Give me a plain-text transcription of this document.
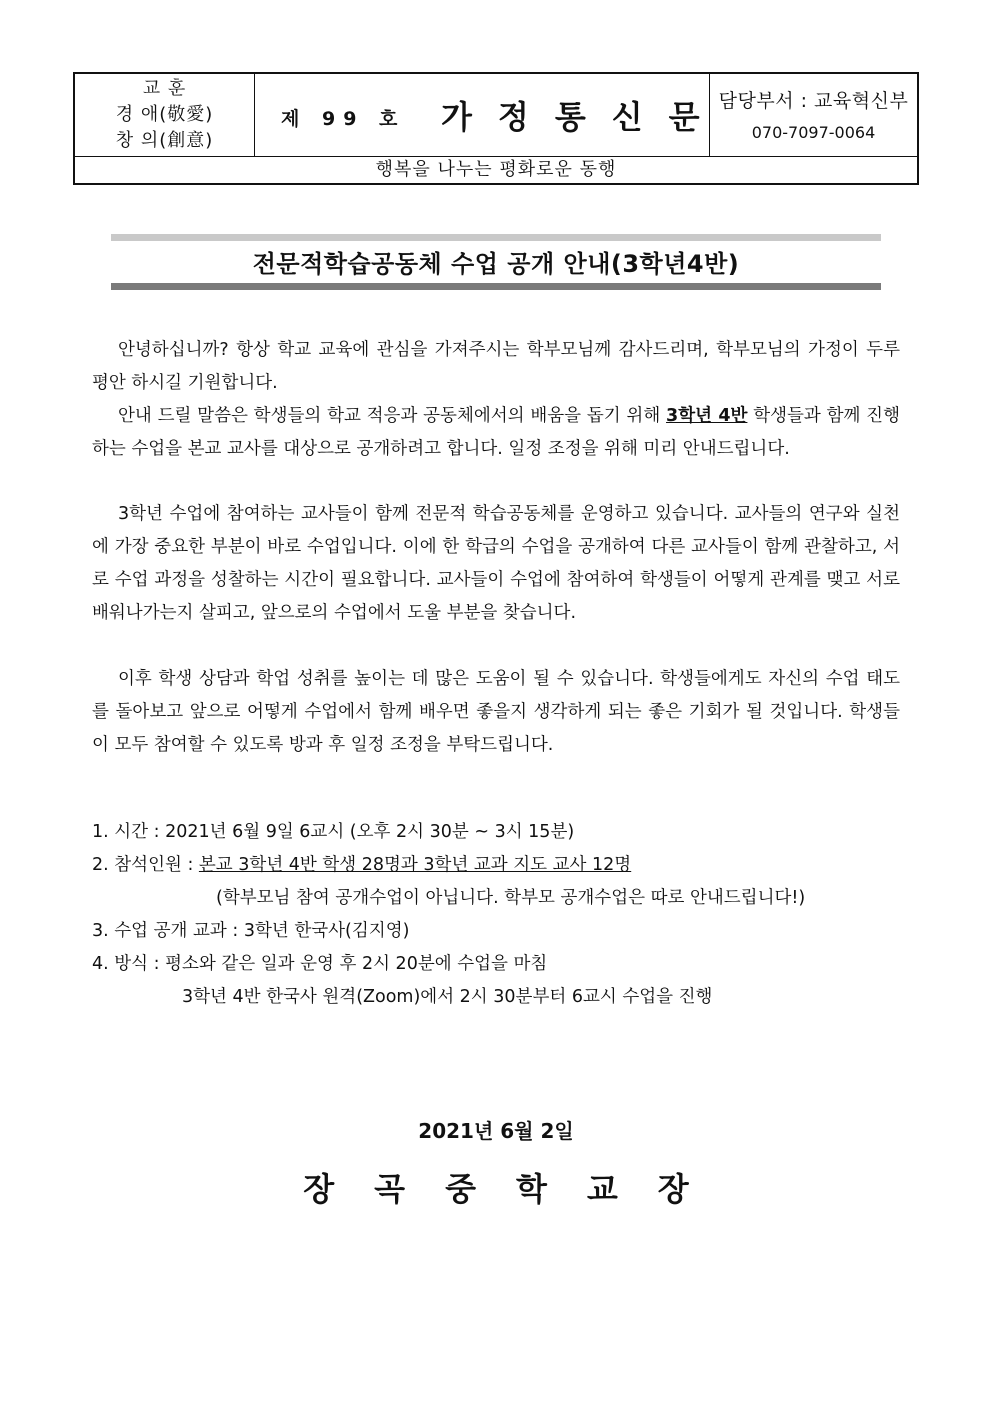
교 훈
경 애(敬愛)
창 의(創意)
제 99 호 가정통신문
담당부서 : 교육혁신부
070-7097-0064
행복을 나누는 평화로운 동행
전문적학습공동체 수업 공개 안내(3학년4반)

안녕하십니까? 항상 학교 교육에 관심을 가져주시는 학부모님께 감사드리며, 학부모님의 가정이 두루 평안 하시길 기원합니다.

안내 드릴 말씀은 학생들의 학교 적응과 공동체에서의 배움을 돕기 위해 3학년 4반 학생들과 함께 진행하는 수업을 본교 교사를 대상으로 공개하려고 합니다. 일정 조정을 위해 미리 안내드립니다.

3학년 수업에 참여하는 교사들이 함께 전문적 학습공동체를 운영하고 있습니다. 교사들의 연구와 실천에 가장 중요한 부분이 바로 수업입니다. 이에 한 학급의 수업을 공개하여 다른 교사들이 함께 관찰하고, 서로 수업 과정을 성찰하는 시간이 필요합니다. 교사들이 수업에 참여하여 학생들이 어떻게 관계를 맺고 서로 배워나가는지 살피고, 앞으로의 수업에서 도울 부분을 찾습니다.

이후 학생 상담과 학업 성취를 높이는 데 많은 도움이 될 수 있습니다. 학생들에게도 자신의 수업 태도를 돌아보고 앞으로 어떻게 수업에서 함께 배우면 좋을지 생각하게 되는 좋은 기회가 될 것입니다. 학생들이 모두 참여할 수 있도록 방과 후 일정 조정을 부탁드립니다.

1. 시간 : 2021년 6월 9일 6교시 (오후 2시 30분 ~ 3시 15분)
2. 참석인원 : 본교 3학년 4반 학생 28명과 3학년 교과 지도 교사 12명
(학부모님 참여 공개수업이 아닙니다. 학부모 공개수업은 따로 안내드립니다!)
3. 수업 공개 교과 : 3학년 한국사(김지영)
4. 방식 : 평소와 같은 일과 운영 후 2시 20분에 수업을 마침
3학년 4반 한국사 원격(Zoom)에서 2시 30분부터 6교시 수업을 진행
2021년 6월 2일
장곡중학교장
